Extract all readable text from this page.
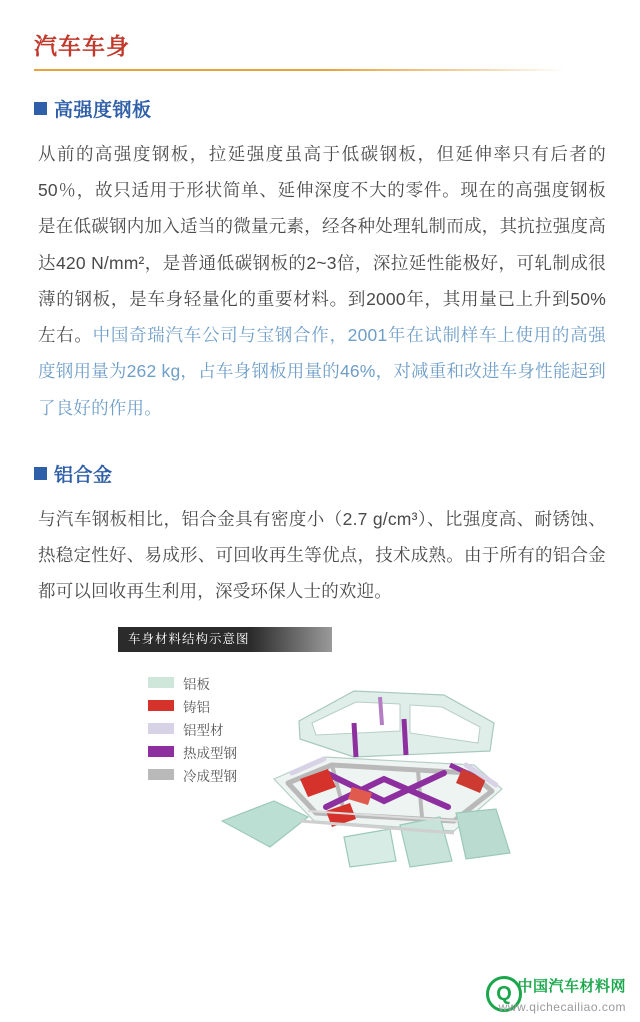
汽车车身
高强度钢板

从前的高强度钢板，拉延强度虽高于低碳钢板，但延伸率只有后者的50％，故只适用于形状简单、延伸深度不大的零件。现在的高强度钢板是在低碳钢内加入适当的微量元素，经各种处理轧制而成，其抗拉强度高达420 N/mm²，是普通低碳钢板的2~3倍，深拉延性能极好，可轧制成很薄的钢板，是车身轻量化的重要材料。到2000年，其用量已上升到50%左右。中国奇瑞汽车公司与宝钢合作，2001年在试制样车上使用的高强度钢用量为262 kg，占车身钢板用量的46%，对减重和改进车身性能起到了良好的作用。

铝合金

与汽车钢板相比，铝合金具有密度小（2.7 g/cm³）、比强度高、耐锈蚀、热稳定性好、易成形、可回收再生等优点，技术成熟。由于所有的铝合金都可以回收再生利用，深受环保人士的欢迎。

车身材料结构示意图
铝板
铸铝
铝型材
热成型钢
冷成型钢
Q 中国汽车材料网
www.qichecailiao.com
